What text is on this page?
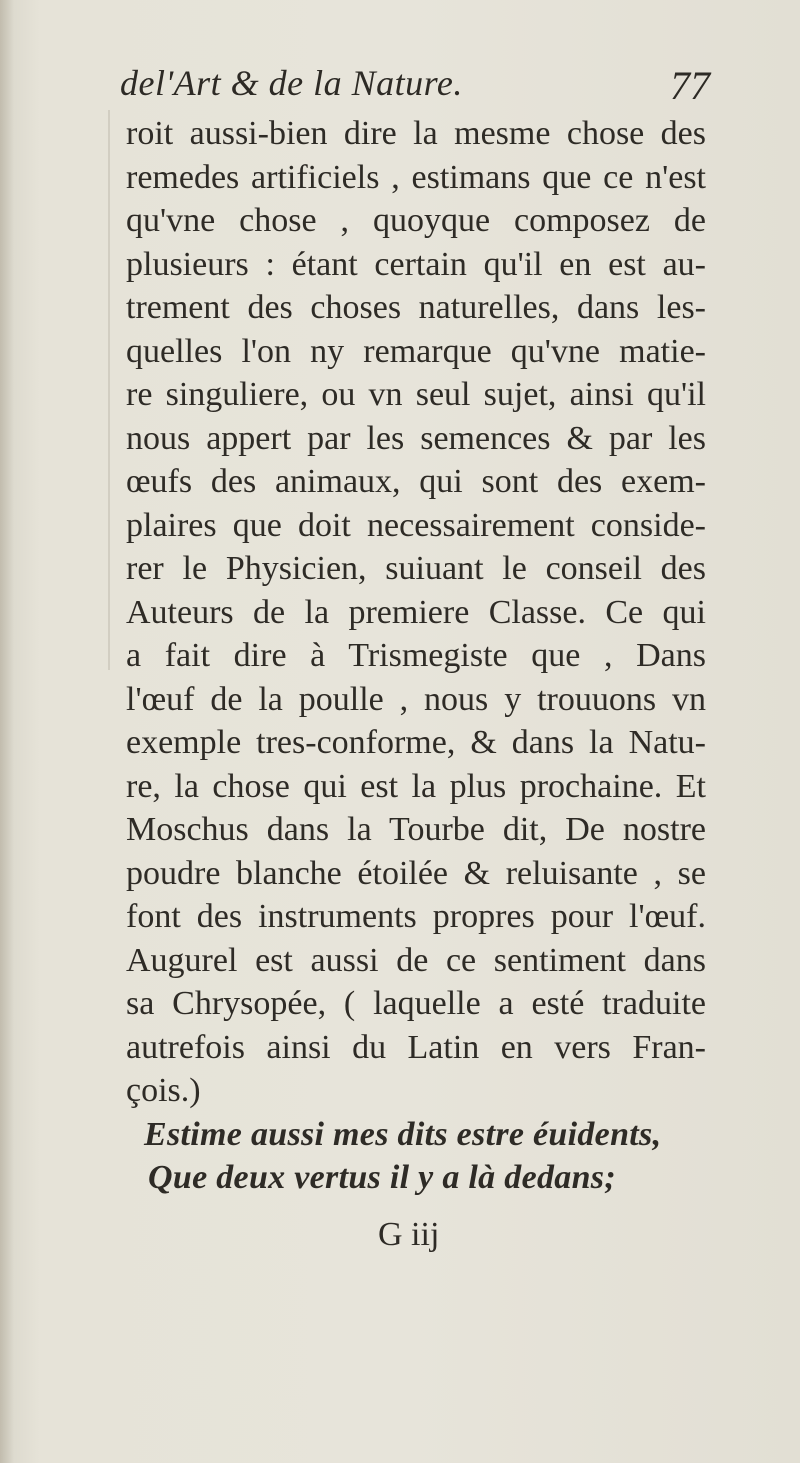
del'Art & de la Nature.	77
roit aussi-bien dire la mesme chose des
remedes artificiels , estimans que ce n'est
qu'vne chose , quoyque composez de
plusieurs : étant certain qu'il en est au-
trement des choses naturelles, dans les-
quelles l'on ny remarque qu'vne matie-
re singuliere, ou vn seul sujet, ainsi qu'il
nous appert par les semences & par les
œufs des animaux, qui sont des exem-
plaires que doit necessairement conside-
rer le Physicien, suiuant le conseil des
Auteurs de la premiere Classe. Ce qui
a fait dire à Trismegiste que , Dans
l'œuf de la poulle , nous y trouuons vn
exemple tres-conforme, & dans la Natu-
re, la chose qui est la plus prochaine. Et
Moschus dans la Tourbe dit, De nostre
poudre blanche étoilée & reluisante , se
font des instruments propres pour l'œuf.
Augurel est aussi de ce sentiment dans
sa Chrysopée, ( laquelle a esté traduite
autrefois ainsi du Latin en vers Fran-
çois.)
Estime aussi mes dits estre éuidents,
Que deux vertus il y a là dedans;
G iij
